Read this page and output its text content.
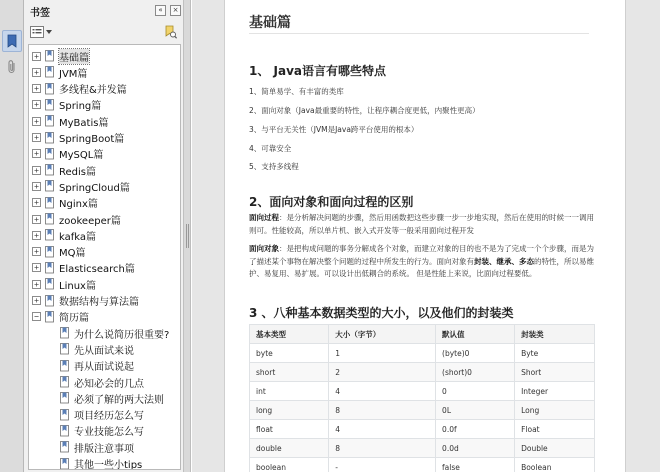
书签	«	×
+ 基础篇
+ JVM篇
+ 多线程&并发篇
+ Spring篇
+ MyBatis篇
+ SpringBoot篇
+ MySQL篇
+ Redis篇
+ SpringCloud篇
+ Nginx篇
+ zookeeper篇
+ kafka篇
+ MQ篇
+ Elasticsearch篇
+ Linux篇
+ 数据结构与算法篇
− 简历篇
为什么说简历很重要?
先从面试来说
再从面试说起
必知必会的几点
必须了解的两大法则
项目经历怎么写
专业技能怎么写
排版注意事项
其他一些小tips
基础篇
1、 Java语言有哪些特点
1、简单易学、有丰富的类库
2、面向对象（Java最重要的特性，让程序耦合度更低，内聚性更高）
3、与平台无关性（JVM是Java跨平台使用的根本）
4、可靠安全
5、支持多线程
2、面向对象和面向过程的区别
面向过程：是分析解决问题的步骤，然后用函数把这些步骤一步一步地实现，然后在使用的时候一一调用则可。性能较高，所以单片机、嵌入式开发等一般采用面向过程开发
面向对象：是把构成问题的事务分解成各个对象，而建立对象的目的也不是为了完成一个个步骤，而是为了描述某个事物在解决整个问题的过程中所发生的行为。面向对象有封装、继承、多态的特性，所以易维护、易复用、易扩展。可以设计出低耦合的系统。 但是性能上来说，比面向过程要低。
3 、八种基本数据类型的大小，以及他们的封装类
基本类型	大小（字节）	默认值	封装类
byte	1	(byte)0	Byte
short	2	(short)0	Short
int	4	0	Integer
long	8	0L	Long
float	4	0.0f	Float
double	8	0.0d	Double
boolean	-	false	Boolean
